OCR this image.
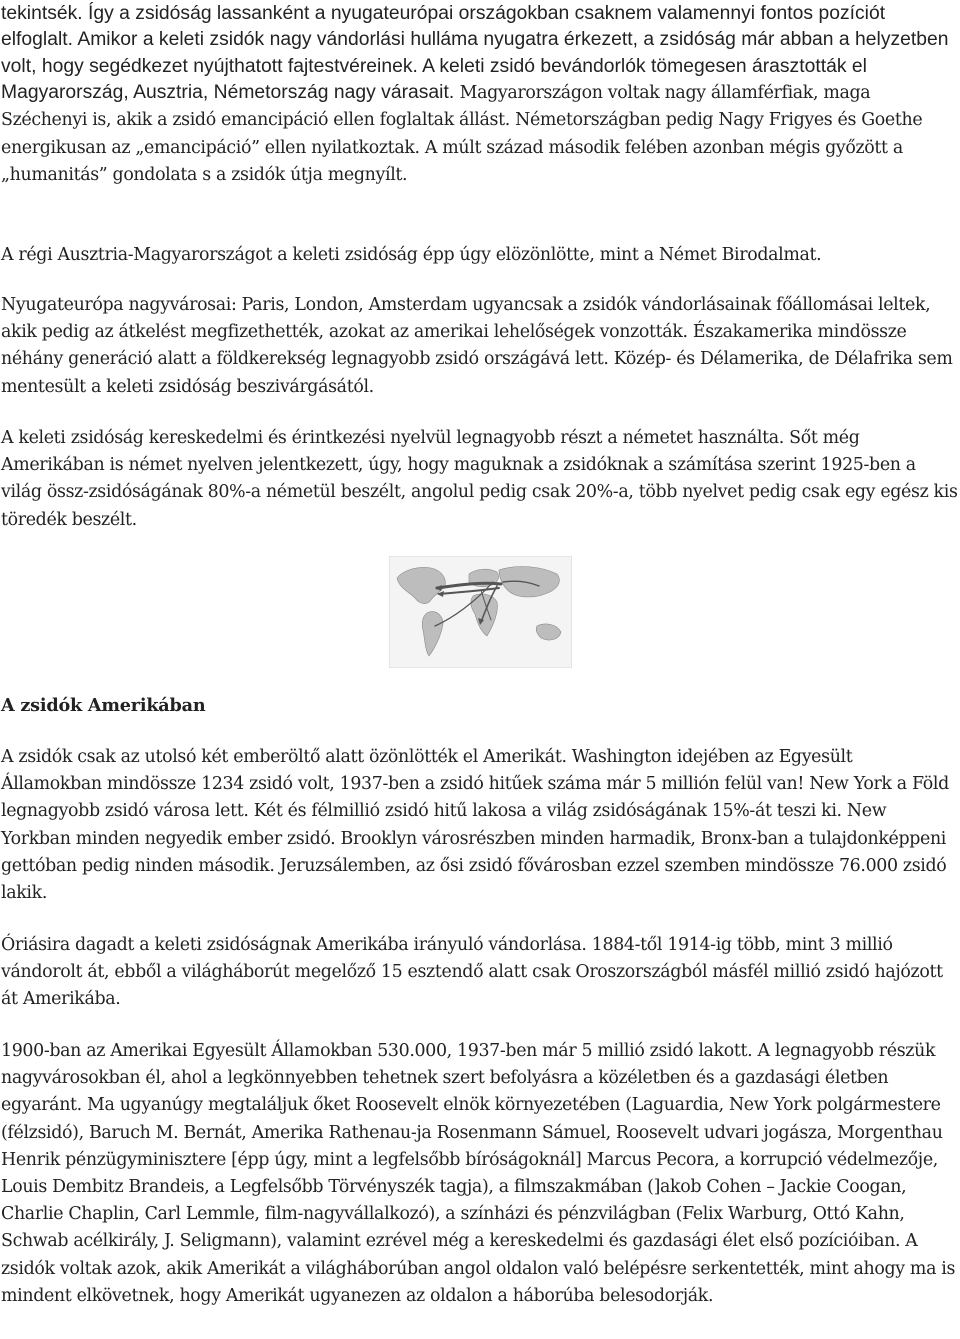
tekintsék. Így a zsidóság lassanként a nyugateurópai országokban csaknem valamennyi fontos pozíciót elfoglalt. Amikor a keleti zsidók nagy vándorlási hulláma nyugatra érkezett, a zsidóság már abban a helyzetben volt, hogy segédkezet nyújthatott fajtestvéreinek. A keleti zsidó bevándorlók tömegesen árasztották el Magyarország, Ausztria, Németország nagy várasait. Magyarországon voltak nagy államférfiak, maga Széchenyi is, akik a zsidó emancipáció ellen foglaltak állást. Németországban pedig Nagy Frigyes és Goethe energikusan az „emancipáció” ellen nyilatkoztak. A múlt század második felében azonban mégis győzött a „humanitás” gondolata s a zsidók útja megnyílt.

A régi Ausztria-Magyarországot a keleti zsidóság épp úgy elözönlötte, mint a Német Birodalmat.

Nyugateurópa nagyvárosai: Paris, London, Amsterdam ugyancsak a zsidók vándorlásainak főállomásai leltek, akik pedig az átkelést megfizethették, azokat az amerikai lehelőségek vonzották. Északamerika mindössze néhány generáció alatt a földkerekség legnagyobb zsidó országává lett. Közép- és Délamerika, de Délafrika sem mentesült a keleti zsidóság beszivárgásától.

A keleti zsidóság kereskedelmi és érintkezési nyelvül legnagyobb részt a németet használta. Sőt még Amerikában is német nyelven jelentkezett, úgy, hogy maguknak a zsidóknak a számítása szerint 1925-ben a világ össz-zsidóságának 80%-a németül beszélt, angolul pedig csak 20%-a, több nyelvet pedig csak egy egész kis töredék beszélt.

A zsidók Amerikában

A zsidók csak az utolsó két emberöltő alatt özönlötték el Amerikát. Washington idejében az Egyesült Államokban mindössze 1234 zsidó volt, 1937-ben a zsidó hitűek száma már 5 millión felül van! New York a Föld legnagyobb zsidó városa lett. Két és félmillió zsidó hitű lakosa a világ zsidóságának 15%-át teszi ki. New Yorkban minden negyedik ember zsidó. Brooklyn városrészben minden harmadik, Bronx-ban a tulajdonképpeni gettóban pedig ninden második. Jeruzsálemben, az ősi zsidó fővárosban ezzel szemben mindössze 76.000 zsidó lakik.

Óriásira dagadt a keleti zsidóságnak Amerikába irányuló vándorlása. 1884-től 1914-ig több, mint 3 millió vándorolt át, ebből a világháborút megelőző 15 esztendő alatt csak Oroszországból másfél millió zsidó hajózott át Amerikába.

1900-ban az Amerikai Egyesült Államokban 530.000, 1937-ben már 5 millió zsidó lakott. A legnagyobb részük nagyvárosokban él, ahol a legkönnyebben tehetnek szert befolyásra a közéletben és a gazdasági életben egyaránt. Ma ugyanúgy megtaláljuk őket Roosevelt elnök környezetében (Laguardia, New York polgármestere (félzsidó), Baruch M. Bernát, Amerika Rathenau-ja Rosenmann Sámuel, Roosevelt udvari jogásza, Morgenthau Henrik pénzügyminisztere [épp úgy, mint a legfelsőbb bíróságoknál] Marcus Pecora, a korrupció védelmezője, Louis Dembitz Brandeis, a Legfelsőbb Törvényszék tagja), a filmszakmában (]akob Cohen – Jackie Coogan, Charlie Chaplin, Carl Lemmle, film-nagyvállalkozó), a színházi és pénzvilágban (Felix Warburg, Ottó Kahn, Schwab acélkirály, J. Seligmann), valamint ezrével még a kereskedelmi és gazdasági élet első pozícióiban. A zsidók voltak azok, akik Amerikát a világháborúban angol oldalon való belépésre serkentették, mint ahogy ma is mindent elkövetnek, hogy Amerikát ugyanezen az oldalon a háborúba belesodorják.
